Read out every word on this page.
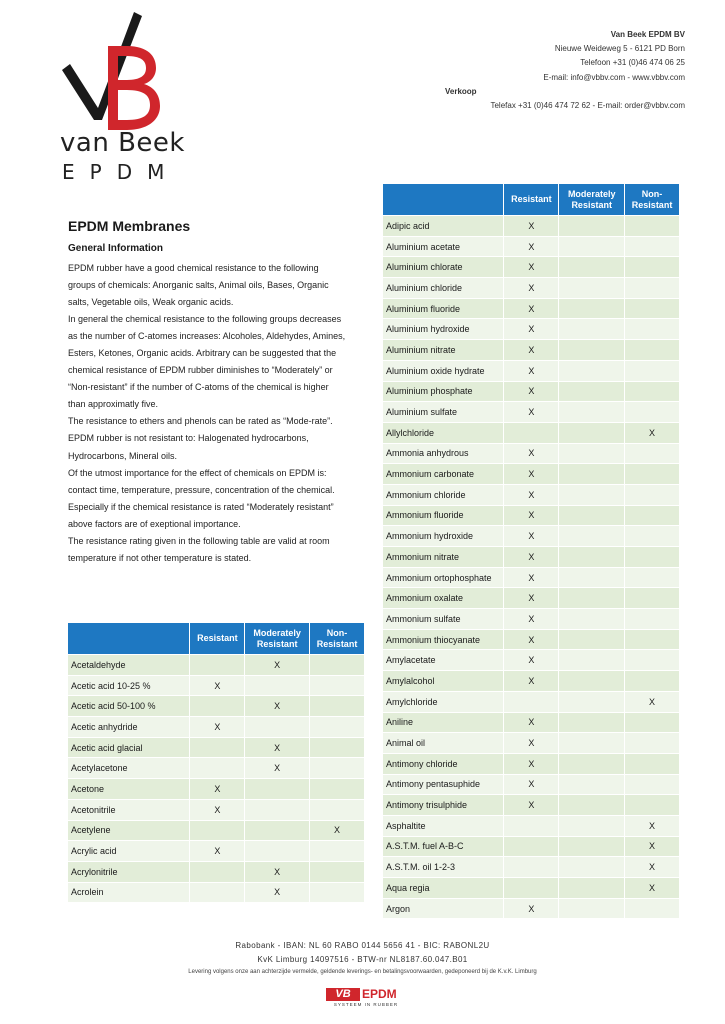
van Beek
EPDM
Van Beek EPDM BV
Nieuwe Weideweg 5 - 6121 PD Born
Telefoon +31 (0)46 474 06 25
E-mail: info@vbbv.com - www.vbbv.com
Verkoop
Telefax +31 (0)46 474 72 62 - E-mail: order@vbbv.com
EPDM Membranes
General Information

EPDM rubber have a good chemical resistance to the following groups of chemicals: Anorganic salts, Animal oils, Bases, Organic salts, Vegetable oils, Weak organic acids.

In general the chemical resistance to the following groups decreases as the number of C-atomes increases: Alcoholes, Aldehydes, Amines, Esters, Ketones, Organic acids. Arbitrary can be suggested that the chemical resistance of EPDM rubber diminishes to “Moderately” or “Non-resistant” if the number of C-atoms of the chemical is higher than approximatly five.

The resistance to ethers and phenols can be rated as “Mode-rate”.

EPDM rubber is not resistant to: Halogenated hydrocarbons, Hydrocarbons, Mineral oils.

Of the utmost importance for the effect of chemicals on EPDM is: contact time, temperature, pressure, concentration of the chemical.

Especially if the chemical resistance is rated “Moderately resistant” above factors are of exeptional importance.

The resistance rating given in the following table are valid at room temperature if not other temperature is stated.

	Resistant	Moderately Resistant	Non-Resistant
Acetaldehyde		X	
Acetic acid 10-25 %	X		
Acetic acid 50-100 %		X	
Acetic anhydride	X		
Acetic acid glacial		X	
Acetylacetone		X	
Acetone	X		
Acetonitrile	X		
Acetylene			X
Acrylic acid	X		
Acrylonitrile		X	
Acrolein		X	
	Resistant	Moderately Resistant	Non-Resistant
Adipic acid	X		
Aluminium acetate	X		
Aluminium chlorate	X		
Aluminium chloride	X		
Aluminium fluoride	X		
Aluminium hydroxide	X		
Aluminium nitrate	X		
Aluminium oxide hydrate	X		
Aluminium phosphate	X		
Aluminium sulfate	X		
Allylchloride			X
Ammonia anhydrous	X		
Ammonium carbonate	X		
Ammonium chloride	X		
Ammonium fluoride	X		
Ammonium hydroxide	X		
Ammonium nitrate	X		
Ammonium ortophosphate	X		
Ammonium oxalate	X		
Ammonium sulfate	X		
Ammonium thiocyanate	X		
Amylacetate	X		
Amylalcohol	X		
Amylchloride			X
Aniline	X		
Animal oil	X		
Antimony chloride	X		
Antimony pentasuphide	X		
Antimony trisulphide	X		
Asphaltite			X
A.S.T.M. fuel A-B-C			X
A.S.T.M. oil 1-2-3			X
Aqua regia			X
Argon	X		
Rabobank - IBAN: NL 60 RABO 0144 5656 41 - BIC: RABONL2U
KvK Limburg 14097516 - BTW-nr NL8187.60.047.B01
Levering volgens onze aan achterzijde vermelde, geldende leverings- en betalingsvoorwaarden, gedeponeerd bij de K.v.K. Limburg
VB EPDM
SYSTEEM IN RUBBER
